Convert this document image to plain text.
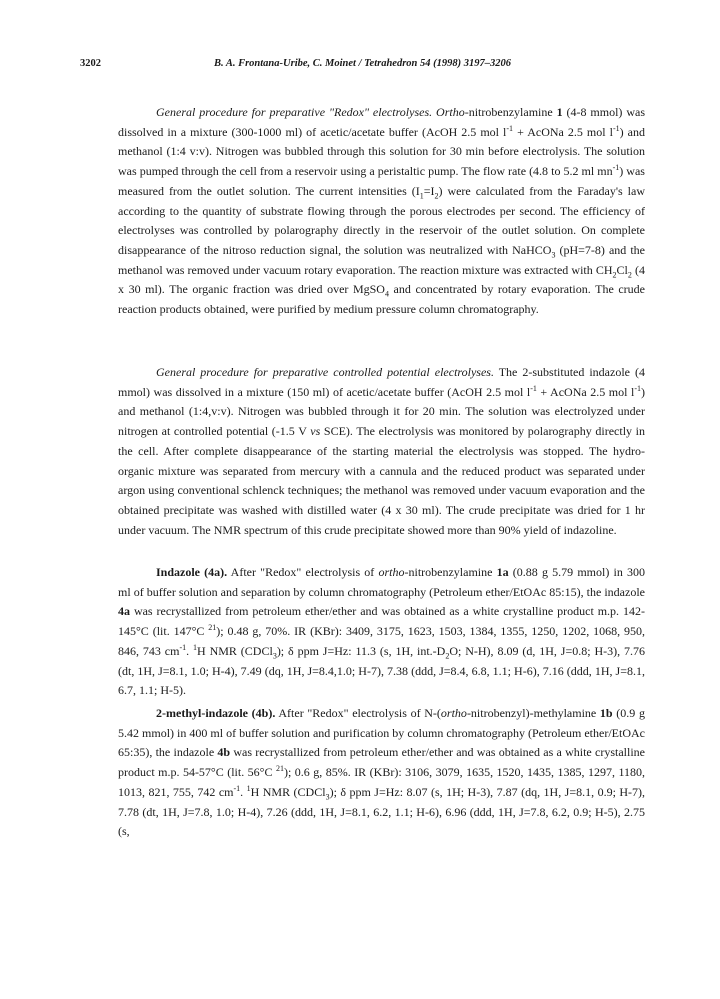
3202	B. A. Frontana-Uribe, C. Moinet / Tetrahedron 54 (1998) 3197–3206

General procedure for preparative "Redox" electrolyses. Ortho-nitrobenzylamine 1 (4-8 mmol) was dissolved in a mixture (300-1000 ml) of acetic/acetate buffer (AcOH 2.5 mol $l^{-1}$ + AcONa 2.5 mol $l^{-1}$) and methanol (1:4 v:v). Nitrogen was bubbled through this solution for 30 min before electrolysis. The solution was pumped through the cell from a reservoir using a peristaltic pump. The flow rate (4.8 to 5.2 ml $mn^{-1}$) was measured from the outlet solution. The current intensities $(I_1=I_2)$ were calculated from the Faraday's law according to the quantity of substrate flowing through the porous electrodes per second. The efficiency of electrolyses was controlled by polarography directly in the reservoir of the outlet solution. On complete disappearance of the nitroso reduction signal, the solution was neutralized with NaHCO$_3$ (pH=7-8) and the methanol was removed under vacuum rotary evaporation. The reaction mixture was extracted with $CH_2Cl_2$ (4 x 30 ml). The organic fraction was dried over MgSO$_4$ and concentrated by rotary evaporation. The crude reaction products obtained, were purified by medium pressure column chromatography.

General procedure for preparative controlled potential electrolyses. The 2-substituted indazole (4 mmol) was dissolved in a mixture (150 ml) of acetic/acetate buffer (AcOH 2.5 mol $l^{-1}$ + AcONa 2.5 mol $l^{-1}$) and methanol (1:4,v:v). Nitrogen was bubbled through it for 20 min. The solution was electrolyzed under nitrogen at controlled potential (-1.5 V vs SCE). The electrolysis was monitored by polarography directly in the cell. After complete disappearance of the starting material the electrolysis was stopped. The hydro-organic mixture was separated from mercury with a cannula and the reduced product was separated under argon using conventional schlenck techniques; the methanol was removed under vacuum evaporation and the obtained precipitate was washed with distilled water (4 x 30 ml). The crude precipitate was dried for 1 hr under vacuum. The NMR spectrum of this crude precipitate showed more than 90% yield of indazoline.

Indazole (4a). After "Redox" electrolysis of ortho-nitrobenzylamine 1a (0.88 g 5.79 mmol) in 300 ml of buffer solution and separation by column chromatography (Petroleum ether/EtOAc 85:15), the indazole 4a was recrystallized from petroleum ether/ether and was obtained as a white crystalline product m.p. 142-145°C (lit. 147°C $^{21}$); 0.48 g, 70%. IR (KBr): 3409, 3175, 1623, 1503, 1384, 1355, 1250, 1202, 1068, 950, 846, 743 $cm^{-1}$. $^1$H NMR (CDCl$_3$); δ ppm J=Hz: 11.3 (s, 1H, $int.-D_2O$; N-H), 8.09 (d, 1H, J=0.8; H-3), 7.76 (dt, 1H, J=8.1, 1.0; H-4), 7.49 (dq, 1H, J=8.4,1.0; H-7), 7.38 (ddd, J=8.4, 6.8, 1.1; H-6), 7.16 (ddd, 1H, J=8.1, 6.7, 1.1; H-5).

2-methyl-indazole (4b). After "Redox" electrolysis of N-(ortho-nitrobenzyl)-methylamine 1b (0.9 g 5.42 mmol) in 400 ml of buffer solution and purification by column chromatography (Petroleum ether/EtOAc 65:35), the indazole 4b was recrystallized from petroleum ether/ether and was obtained as a white crystalline product m.p. 54-57°C (lit. 56°C $^{21}$); 0.6 g, 85%. IR (KBr): 3106, 3079, 1635, 1520, 1435, 1385, 1297, 1180, 1013, 821, 755, 742 $cm^{-1}$. $^1$H NMR (CDCl$_3$); δ ppm J=Hz: 8.07 (s, 1H; H-3), 7.87 (dq, 1H, J=8.1, 0.9; H-7), 7.78 (dt, 1H, J=7.8, 1.0; H-4), 7.26 (ddd, 1H, J=8.1, 6.2, 1.1; H-6), 6.96 (ddd, 1H, J=7.8, 6.2, 0.9; H-5), 2.75 (s,
